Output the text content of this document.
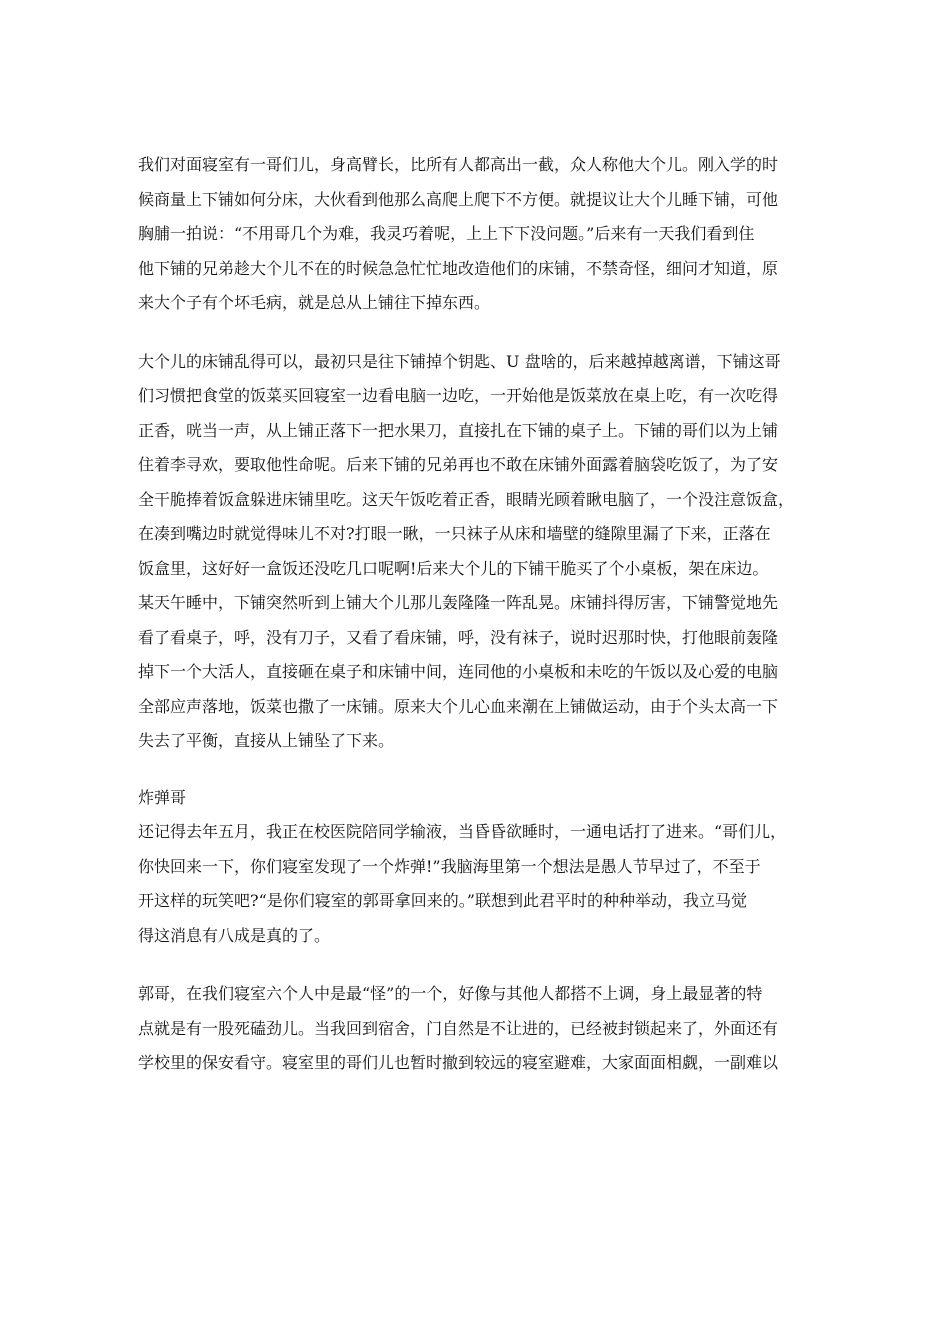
我们对面寝室有一哥们儿，身高臂长，比所有人都高出一截，众人称他大个儿。刚入学的时
候商量上下铺如何分床，大伙看到他那么高爬上爬下不方便。就提议让大个儿睡下铺，可他
胸脯一拍说：“不用哥几个为难，我灵巧着呢，上上下下没问题。”后来有一天我们看到住
他下铺的兄弟趁大个儿不在的时候急急忙忙地改造他们的床铺，不禁奇怪，细问才知道，原
来大个子有个坏毛病，就是总从上铺往下掉东西。
大个儿的床铺乱得可以，最初只是往下铺掉个钥匙、U 盘啥的，后来越掉越离谱，下铺这哥
们习惯把食堂的饭菜买回寝室一边看电脑一边吃，一开始他是饭菜放在桌上吃，有一次吃得
正香，咣当一声，从上铺正落下一把水果刀，直接扎在下铺的桌子上。下铺的哥们以为上铺
住着李寻欢，要取他性命呢。后来下铺的兄弟再也不敢在床铺外面露着脑袋吃饭了，为了安
全干脆捧着饭盒躲进床铺里吃。这天午饭吃着正香，眼睛光顾着瞅电脑了，一个没注意饭盒，
在凑到嘴边时就觉得味儿不对?打眼一瞅，一只袜子从床和墙壁的缝隙里漏了下来，正落在
饭盒里，这好好一盒饭还没吃几口呢啊!后来大个儿的下铺干脆买了个小桌板，架在床边。
某天午睡中，下铺突然听到上铺大个儿那儿轰隆隆一阵乱晃。床铺抖得厉害，下铺警觉地先
看了看桌子，呼，没有刀子，又看了看床铺，呼，没有袜子，说时迟那时快，打他眼前轰隆
掉下一个大活人，直接砸在桌子和床铺中间，连同他的小桌板和未吃的午饭以及心爱的电脑
全部应声落地，饭菜也撒了一床铺。原来大个儿心血来潮在上铺做运动，由于个头太高一下
失去了平衡，直接从上铺坠了下来。
炸弹哥
还记得去年五月，我正在校医院陪同学输液，当昏昏欲睡时，一通电话打了进来。“哥们儿，
你快回来一下，你们寝室发现了一个炸弹!”我脑海里第一个想法是愚人节早过了，不至于
开这样的玩笑吧?“是你们寝室的郭哥拿回来的。”联想到此君平时的种种举动，我立马觉
得这消息有八成是真的了。
郭哥，在我们寝室六个人中是最“怪”的一个，好像与其他人都搭不上调，身上最显著的特
点就是有一股死磕劲儿。当我回到宿舍，门自然是不让进的，已经被封锁起来了，外面还有
学校里的保安看守。寝室里的哥们儿也暂时撤到较远的寝室避难，大家面面相觑，一副难以
